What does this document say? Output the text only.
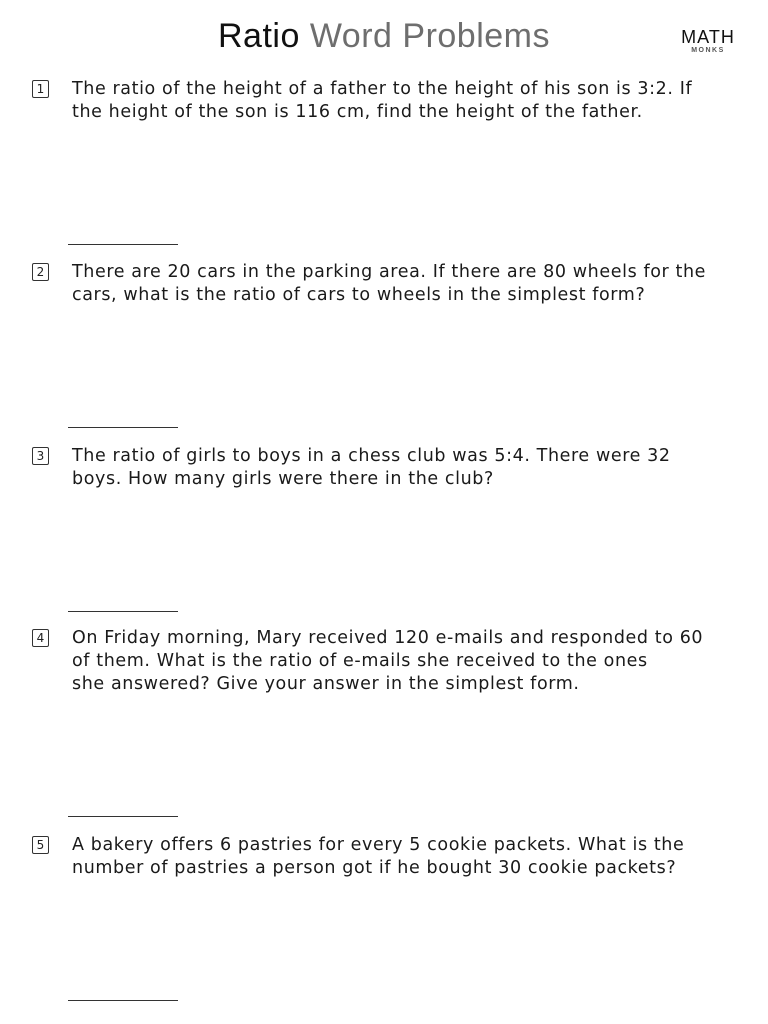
Ratio Word Problems	MATH
MONKS
1 The ratio of the height of a father to the height of his son is 3:2. If
the height of the son is 116 cm, find the height of the father.
2 There are 20 cars in the parking area. If there are 80 wheels for the
cars, what is the ratio of cars to wheels in the simplest form?
3 The ratio of girls to boys in a chess club was 5:4. There were 32
boys. How many girls were there in the club?
4 On Friday morning, Mary received 120 e-mails and responded to 60
of them. What is the ratio of e-mails she received to the ones
she answered? Give your answer in the simplest form.
5 A bakery offers 6 pastries for every 5 cookie packets. What is the
number of pastries a person got if he bought 30 cookie packets?
